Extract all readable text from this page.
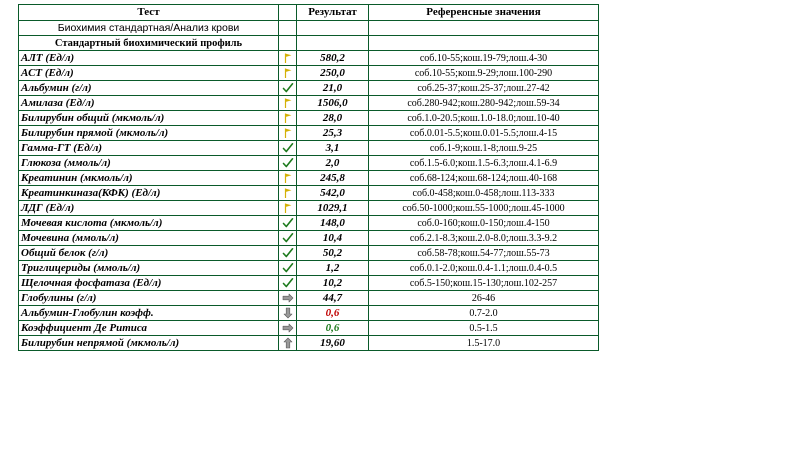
Тест		Результат	Референсные значения
Биохимия стандартная/Анализ крови			
Стандартный биохимический профиль			
АЛТ (Ед/л)		580,2	соб.10-55;кош.19-79;лош.4-30
АСТ (Ед/л)		250,0	соб.10-55;кош.9-29;лош.100-290
Альбумин (г/л)		21,0	соб.25-37;кош.25-37;лош.27-42
Амилаза (Ед/л)		1506,0	соб.280-942;кош.280-942;лош.59-34
Билирубин общий (мкмоль/л)		28,0	соб.1.0-20.5;кош.1.0-18.0;лош.10-40
Билирубин прямой (мкмоль/л)		25,3	соб.0.01-5.5;кош.0.01-5.5;лош.4-15
Гамма-ГТ (Ед/л)		3,1	соб.1-9;кош.1-8;лош.9-25
Глюкоза (ммоль/л)		2,0	соб.1.5-6.0;кош.1.5-6.3;лош.4.1-6.9
Креатинин (мкмоль/л)		245,8	соб.68-124;кош.68-124;лош.40-168
Креатинкиназа(КФК) (Ед/л)		542,0	соб.0-458;кош.0-458;лош.113-333
ЛДГ (Ед/л)		1029,1	соб.50-1000;кош.55-1000;лош.45-1000
Мочевая кислота (мкмоль/л)		148,0	соб.0-160;кош.0-150;лош.4-150
Мочевина (ммоль/л)		10,4	соб.2.1-8.3;кош.2.0-8.0;лош.3.3-9.2
Общий белок (г/л)		50,2	соб.58-78;кош.54-77;лош.55-73
Триглицериды (ммоль/л)		1,2	соб.0.1-2.0;кош.0.4-1.1;лош.0.4-0.5
Щелочная фосфатаза (Ед/л)		10,2	соб.5-150;кош.15-130;лош.102-257
Глобулины (г/л)		44,7	26-46
Альбумин-Глобулин коэфф.		0,6	0.7-2.0
Коэффициент Де Ритиса		0,6	0.5-1.5
Билирубин непрямой (мкмоль/л)		19,60	1.5-17.0
